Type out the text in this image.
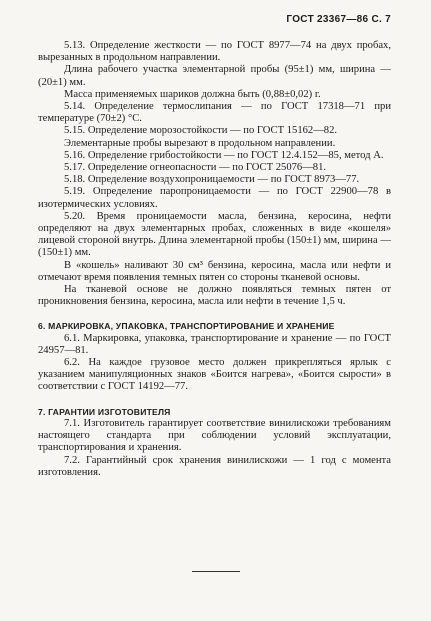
ГОСТ 23367—86 С. 7

5.13. Определение жесткости — по ГОСТ 8977—74 на двух пробах, вырезанных в продольном направлении.

Длина рабочего участка элементарной пробы (95±1) мм, ширина — (20±1) мм.

Масса применяемых шариков должна быть (0,88±0,02) г.

5.14. Определение термослипания — по ГОСТ 17318—71 при температуре (70±2) °С.

5.15. Определение морозостойкости — по ГОСТ 15162—82.

Элементарные пробы вырезают в продольном направлении.

5.16. Определение грибостойкости — по ГОСТ 12.4.152—85, метод А.

5.17. Определение огнеопасности — по ГОСТ 25076—81.

5.18. Определение воздухопроницаемости — по ГОСТ 8973—77.

5.19. Определение паропроницаемости — по ГОСТ 22900—78 в изотермических условиях.

5.20. Время проницаемости масла, бензина, керосина, нефти определяют на двух элементарных пробах, сложенных в виде «кошеля» лицевой стороной внутрь. Длина элементарной пробы (150±1) мм, ширина — (150±1) мм.

В «кошель» наливают 30 см³ бензина, керосина, масла или нефти и отмечают время появления темных пятен со стороны тканевой основы.

На тканевой основе не должно появляться темных пятен от проникновения бензина, керосина, масла или нефти в течение 1,5 ч.

6. МАРКИРОВКА, УПАКОВКА, ТРАНСПОРТИРОВАНИЕ И ХРАНЕНИЕ

6.1. Маркировка, упаковка, транспортирование и хранение — по ГОСТ 24957—81.

6.2. На каждое грузовое место должен прикрепляться ярлык с указанием манипуляционных знаков «Боится нагрева», «Боится сырости» в соответствии с ГОСТ 14192—77.

7. ГАРАНТИИ ИЗГОТОВИТЕЛЯ

7.1. Изготовитель гарантирует соответствие винилискожи требованиям настоящего стандарта при соблюдении условий эксплуатации, транспортирования и хранения.

7.2. Гарантийный срок хранения винилискожи — 1 год с момента изготовления.
